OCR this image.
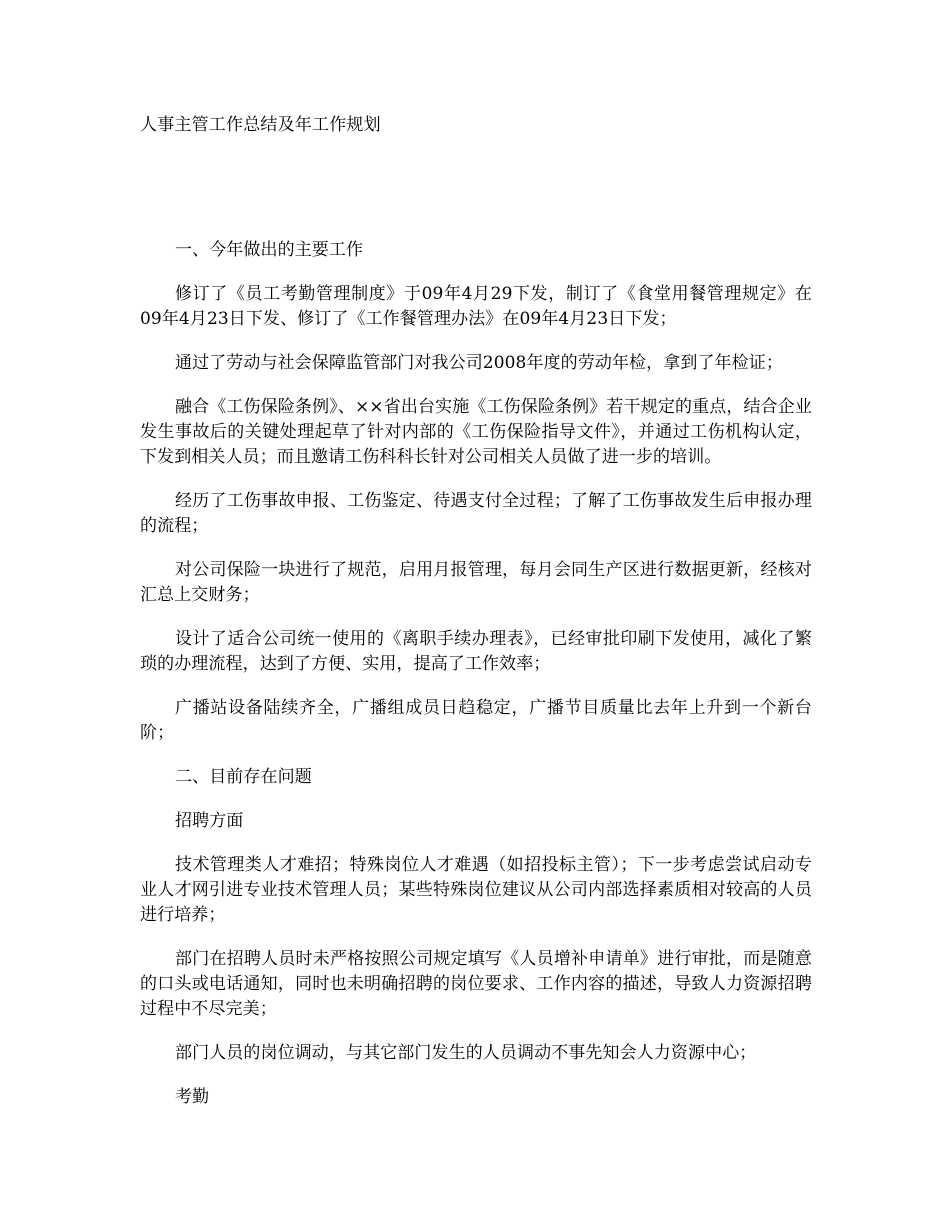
人事主管工作总结及年工作规划

一、今年做出的主要工作

修订了《员工考勤管理制度》于09年4月29下发，制订了《食堂用餐管理规定》在09年4月23日下发、修订了《工作餐管理办法》在09年4月23日下发；

通过了劳动与社会保障监管部门对我公司2008年度的劳动年检，拿到了年检证；

融合《工伤保险条例》、××省出台实施《工伤保险条例》若干规定的重点，结合企业发生事故后的关键处理起草了针对内部的《工伤保险指导文件》，并通过工伤机构认定，下发到相关人员；而且邀请工伤科科长针对公司相关人员做了进一步的培训。

经历了工伤事故申报、工伤鉴定、待遇支付全过程；了解了工伤事故发生后申报办理的流程；

对公司保险一块进行了规范，启用月报管理，每月会同生产区进行数据更新，经核对汇总上交财务；

设计了适合公司统一使用的《离职手续办理表》，已经审批印刷下发使用，减化了繁琐的办理流程，达到了方便、实用，提高了工作效率；

广播站设备陆续齐全，广播组成员日趋稳定，广播节目质量比去年上升到一个新台阶；

二、目前存在问题

招聘方面

技术管理类人才难招；特殊岗位人才难遇（如招投标主管）；下一步考虑尝试启动专业人才网引进专业技术管理人员；某些特殊岗位建议从公司内部选择素质相对较高的人员进行培养；

部门在招聘人员时未严格按照公司规定填写《人员增补申请单》进行审批，而是随意的口头或电话通知，同时也未明确招聘的岗位要求、工作内容的描述，导致人力资源招聘过程中不尽完美；

部门人员的岗位调动，与其它部门发生的人员调动不事先知会人力资源中心；

考勤
